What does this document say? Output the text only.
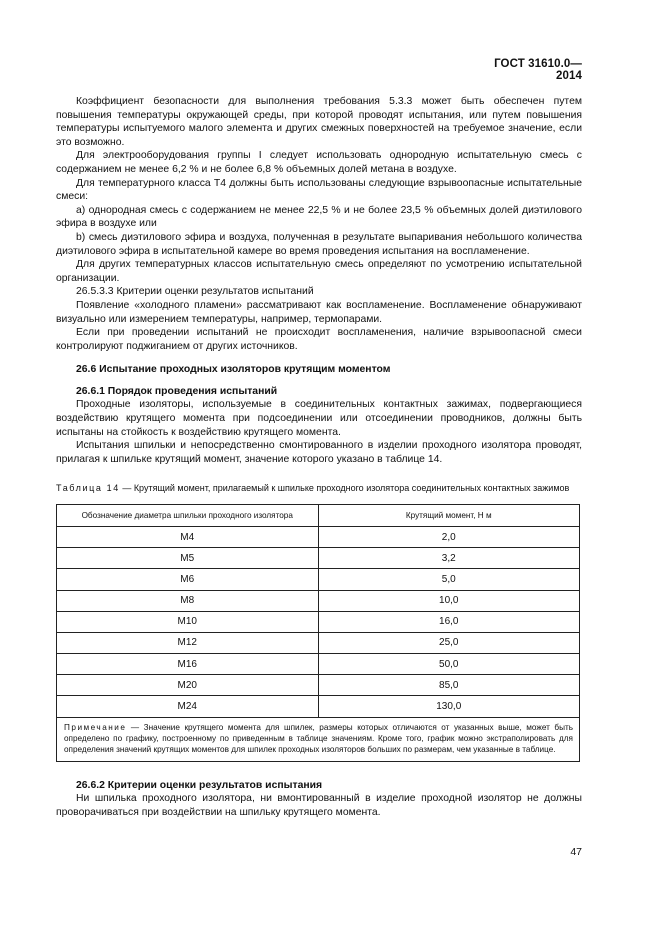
ГОСТ 31610.0—2014

Коэффициент безопасности для выполнения требования 5.3.3 может быть обеспечен путем повышения температуры окружающей среды, при которой проводят испытания, или путем повышения температуры испытуемого малого элемента и других смежных поверхностей на требуемое значение, если это возможно.

Для электрооборудования группы I следует использовать однородную испытательную смесь с содержанием не менее 6,2 % и не более 6,8 % объемных долей метана в воздухе.

Для температурного класса Т4 должны быть использованы следующие взрывоопасные испытательные смеси:

a) однородная смесь с содержанием не менее 22,5 % и не более 23,5 % объемных долей диэтилового эфира в воздухе или

b) смесь диэтилового эфира и воздуха, полученная в результате выпаривания небольшого количества диэтилового эфира в испытательной камере во время проведения испытания на воспламенение.

Для других температурных классов испытательную смесь определяют по усмотрению испытательной организации.

26.5.3.3 Критерии оценки результатов испытаний

Появление «холодного пламени» рассматривают как воспламенение. Воспламенение обнаруживают визуально или измерением температуры, например, термопарами.

Если при проведении испытаний не происходит воспламенения, наличие взрывоопасной смеси контролируют поджиганием от других источников.

26.6 Испытание проходных изоляторов крутящим моментом

26.6.1 Порядок проведения испытаний

Проходные изоляторы, используемые в соединительных контактных зажимах, подвергающиеся воздействию крутящего момента при подсоединении или отсоединении проводников, должны быть испытаны на стойкость к воздействию крутящего момента.

Испытания шпильки и непосредственно смонтированного в изделии проходного изолятора проводят, прилагая к шпильке крутящий момент, значение которого указано в таблице 14.

Таблица 14 — Крутящий момент, прилагаемый к шпильке проходного изолятора соединительных контактных зажимов

Обозначение диаметра шпильки проходного изолятора	Крутящий момент, Н м
M4	2,0
M5	3,2
M6	5,0
M8	10,0
M10	16,0
M12	25,0
M16	50,0
M20	85,0
M24	130,0
Примечание — Значение крутящего момента для шпилек, размеры которых отличаются от указанных выше, может быть определено по графику, построенному по приведенным в таблице значениям. Кроме того, график можно экстраполировать для определения значений крутящих моментов для шпилек проходных изоляторов больших по размерам, чем указанные в таблице.	

26.6.2 Критерии оценки результатов испытания

Ни шпилька проходного изолятора, ни вмонтированный в изделие проходной изолятор не должны проворачиваться при воздействии на шпильку крутящего момента.

47
